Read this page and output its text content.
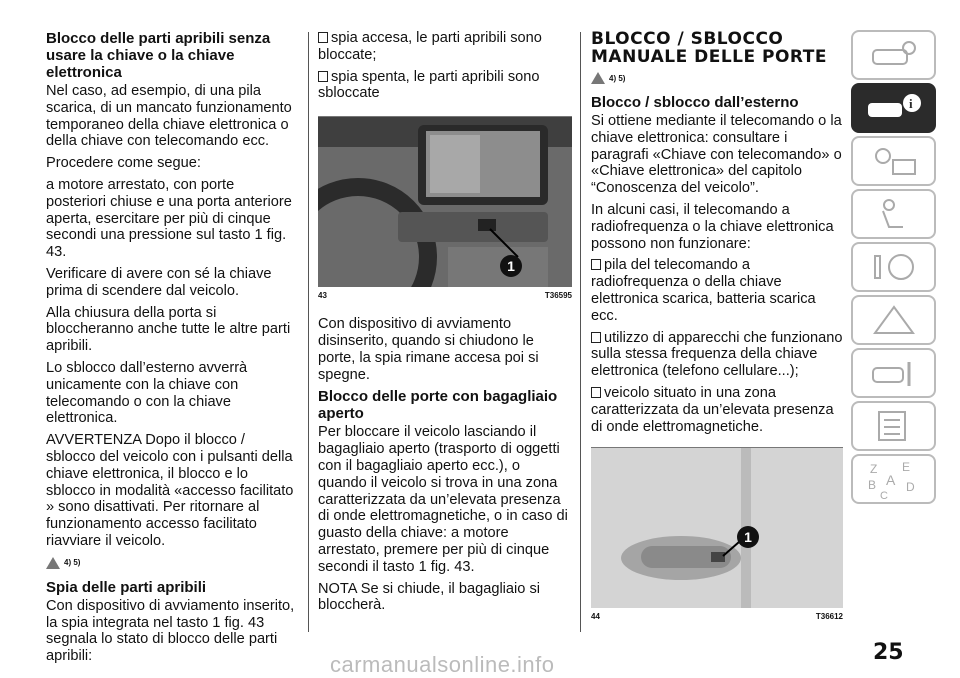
Blocco delle parti apribili senza usare la chiave o la chiave elettronica

Nel caso, ad esempio, di una pila scarica, di un mancato funzionamento temporaneo della chiave elettronica o della chiave con telecomando ecc.

Procedere come segue:

a motore arrestato, con porte posteriori chiuse e una porta anteriore aperta, esercitare per più di cinque secondi una pressione sul tasto 1 fig. 43.

Verificare di avere con sé la chiave prima di scendere dal veicolo.

Alla chiusura della porta si bloccheranno anche tutte le altre parti apribili.

Lo sblocco dall’esterno avverrà unicamente con la chiave con telecomando o con la chiave elettronica.

AVVERTENZA Dopo il blocco / sblocco del veicolo con i pulsanti della chiave elettronica, il blocco e lo sblocco in modalità «accesso facilitato » sono disattivati. Per ritornare al funzionamento accesso facilitato riavviare il veicolo.

4) 5)
Spia delle parti apribili

Con dispositivo di avviamento inserito, la spia integrata nel tasto 1 fig. 43 segnala lo stato di blocco delle parti apribili:

spia accesa, le parti apribili sono bloccate;

spia spenta, le parti apribili sono sbloccate

1
43	T36595

Con dispositivo di avviamento disinserito, quando si chiudono le porte, la spia rimane accesa poi si spegne.

Blocco delle porte con bagagliaio aperto

Per bloccare il veicolo lasciando il bagagliaio aperto (trasporto di oggetti con il bagagliaio aperto ecc.), o quando il veicolo si trova in una zona caratterizzata da un’elevata presenza di onde elettromagnetiche, o in caso di guasto della chiave: a motore arrestato, premere per più di cinque secondi il tasto 1 fig. 43.

NOTA Se si chiude, il bagagliaio si bloccherà.

BLOCCO / SBLOCCO MANUALE DELLE PORTE
4) 5)
Blocco / sblocco dall’esterno

Si ottiene mediante il telecomando o la chiave elettronica: consultare i paragrafi «Chiave con telecomando» o «Chiave elettronica» del capitolo “Conoscenza del veicolo”.

In alcuni casi, il telecomando a radiofrequenza o la chiave elettronica possono non funzionare:

pila del telecomando a radiofrequenza o della chiave elettronica scarica, batteria scarica ecc.

utilizzo di apparecchi che funzionano sulla stessa frequenza della chiave elettronica (telefono cellulare...);

veicolo situato in una zona caratterizzata da un’elevata presenza di onde elettromagnetiche.

1
44	T36612
i
Z E
B A D
C
25
carmanualsonline.info
